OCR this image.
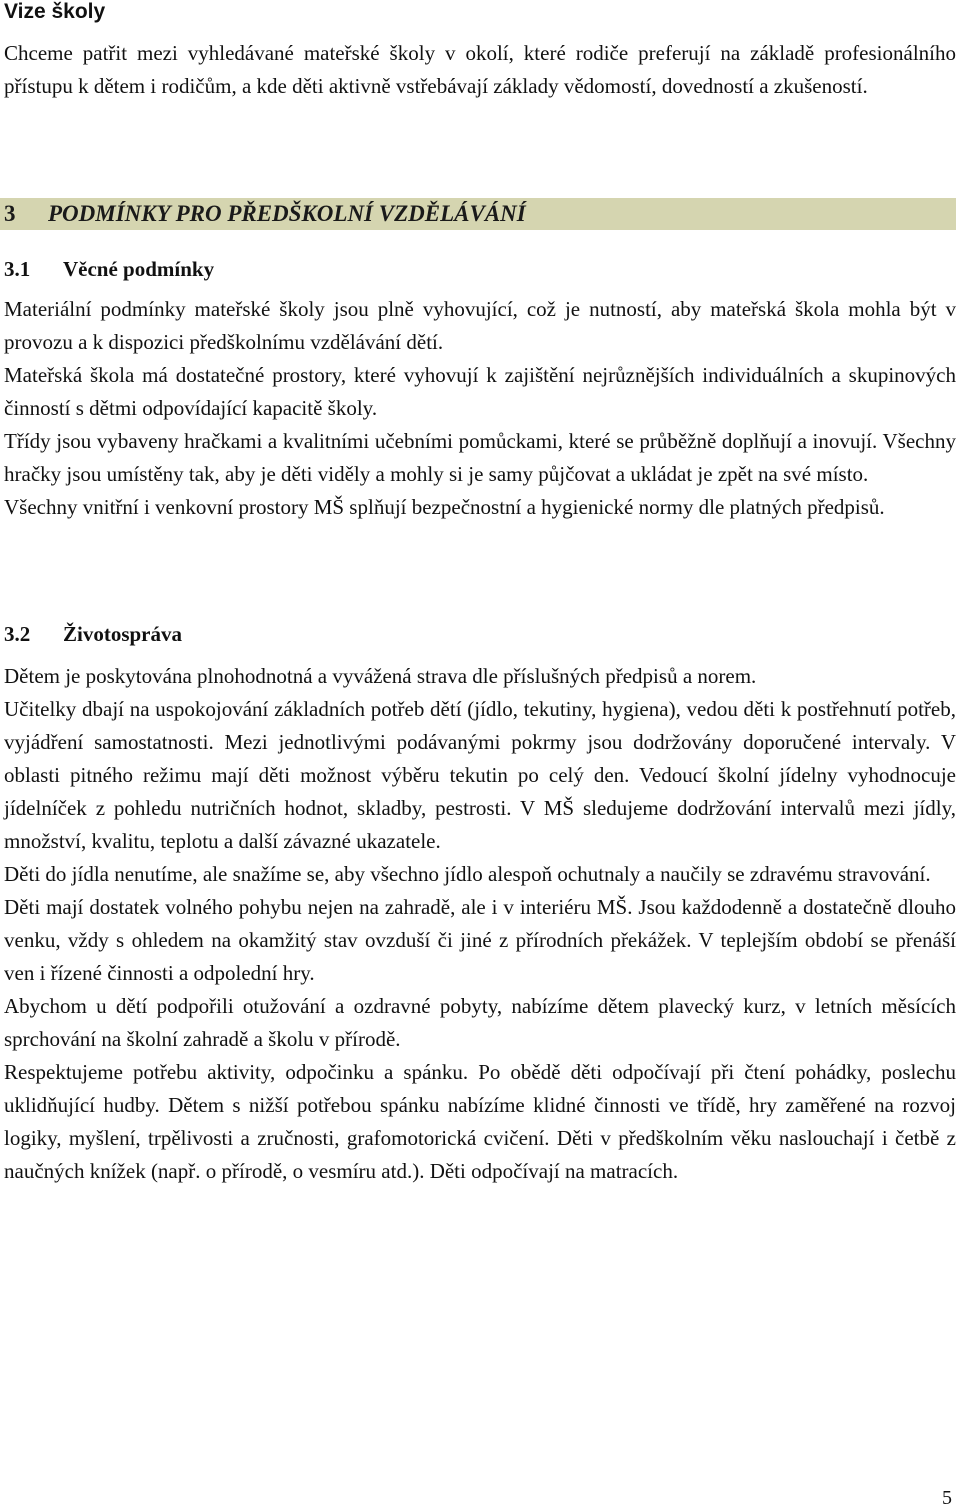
Vize školy

Chceme patřit mezi vyhledávané mateřské školy v okolí, které rodiče preferují na základě profesionálního přístupu k dětem i rodičům, a kde děti aktivně vstřebávají základy vědomostí, dovedností a zkušeností.

3	PODMÍNKY PRO PŘEDŠKOLNÍ VZDĚLÁVÁNÍ
3.1	Věcné podmínky

Materiální podmínky mateřské školy jsou plně vyhovující, což je nutností, aby mateřská škola mohla být v provozu a k dispozici předškolnímu vzdělávání dětí.

Mateřská škola má dostatečné prostory, které vyhovují k zajištění nejrůznějších individuálních a skupinových činností s dětmi odpovídající kapacitě školy.

Třídy jsou vybaveny hračkami a kvalitními učebními pomůckami, které se průběžně doplňují a inovují. Všechny hračky jsou umístěny tak, aby je děti viděly a mohly si je samy půjčovat a ukládat je zpět na své místo.

Všechny vnitřní i venkovní prostory MŠ splňují bezpečnostní a hygienické normy dle platných předpisů.

3.2	Životospráva

Dětem je poskytována plnohodnotná a vyvážená strava dle příslušných předpisů a norem.

Učitelky dbají na uspokojování základních potřeb dětí (jídlo, tekutiny, hygiena), vedou děti k postřehnutí potřeb, vyjádření samostatnosti. Mezi jednotlivými podávanými pokrmy jsou dodržovány doporučené intervaly. V oblasti pitného režimu mají děti možnost výběru tekutin po celý den. Vedoucí školní jídelny vyhodnocuje jídelníček z pohledu nutričních hodnot, skladby, pestrosti. V MŠ sledujeme dodržování intervalů mezi jídly, množství, kvalitu, teplotu a další závazné ukazatele.

Děti do jídla nenutíme, ale snažíme se, aby všechno jídlo alespoň ochutnaly a naučily se zdravému stravování.

Děti mají dostatek volného pohybu nejen na zahradě, ale i v interiéru MŠ. Jsou každodenně a dostatečně dlouho venku, vždy s ohledem na okamžitý stav ovzduší či jiné z přírodních překážek. V teplejším období se přenáší ven i řízené činnosti a odpolední hry.

Abychom u dětí podpořili otužování a ozdravné pobyty, nabízíme dětem plavecký kurz, v letních měsících sprchování na školní zahradě a školu v přírodě.

Respektujeme potřebu aktivity, odpočinku a spánku. Po obědě děti odpočívají při čtení pohádky, poslechu uklidňující hudby. Dětem s nižší potřebou spánku nabízíme klidné činnosti ve třídě, hry zaměřené na rozvoj logiky, myšlení, trpělivosti a zručnosti, grafomotorická cvičení. Děti v předškolním věku naslouchají i četbě z naučných knížek (např. o přírodě, o vesmíru atd.). Děti odpočívají na matracích.

5
